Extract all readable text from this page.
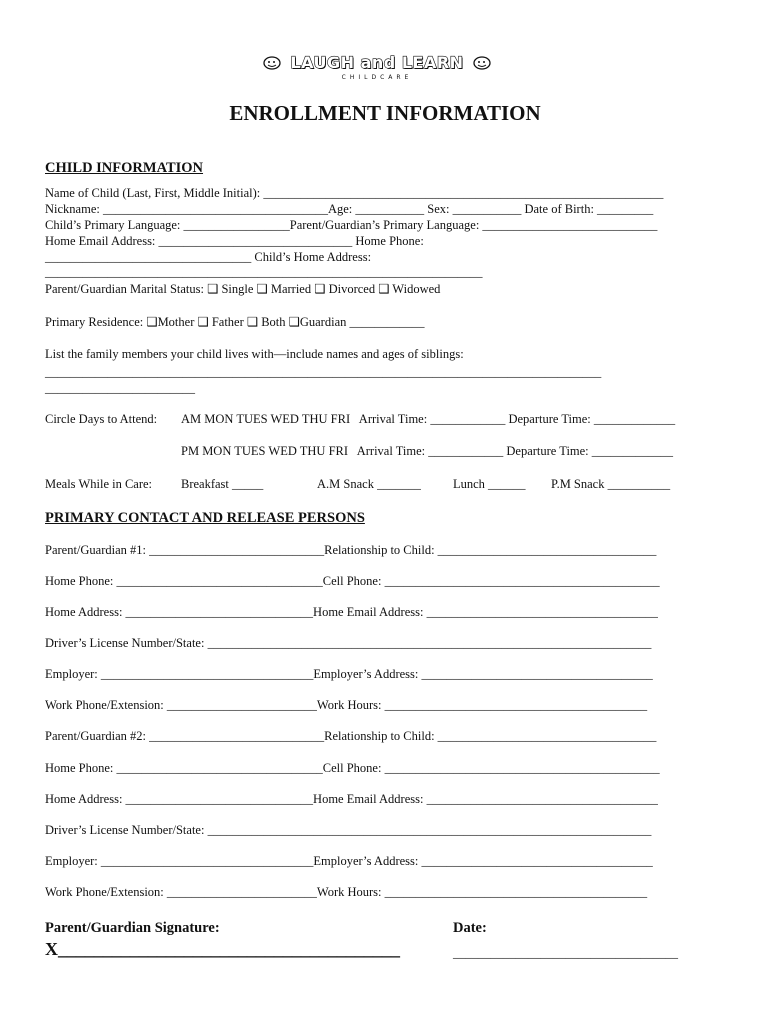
LAUGH and LEARN
CHILDCARE
ENROLLMENT INFORMATION
CHILD INFORMATION
Name of Child (Last, First, Middle Initial): ________________________________________________________________
Nickname: ____________________________________Age: ___________ Sex: ___________ Date of Birth: _________
Child’s Primary Language: _________________Parent/Guardian’s Primary Language: ____________________________
Home Email Address: _______________________________ Home Phone:
_________________________________ Child’s Home Address:
______________________________________________________________________
Parent/Guardian Marital Status: ❑ Single ❑ Married ❑ Divorced ❑ Widowed
Primary Residence: ❑Mother ❑ Father ❑ Both ❑Guardian ____________
List the family members your child lives with—include names and ages of siblings:
_________________________________________________________________________________________
________________________
Circle Days to Attend: AM MON TUES WED THU FRI   Arrival Time: ____________ Departure Time: _____________
PM MON TUES WED THU FRI   Arrival Time: ____________ Departure Time: _____________
Meals While in Care: Breakfast _____	A.M Snack _______	Lunch ______ P.M Snack __________
PRIMARY CONTACT AND RELEASE PERSONS
Parent/Guardian #1: ____________________________Relationship to Child: ___________________________________
Home Phone: _________________________________Cell Phone: ____________________________________________
Home Address: ______________________________Home Email Address: _____________________________________
Driver’s License Number/State: _______________________________________________________________________
Employer: __________________________________Employer’s Address: _____________________________________
Work Phone/Extension: ________________________Work Hours: __________________________________________
Parent/Guardian #2: ____________________________Relationship to Child: ___________________________________
Home Phone: _________________________________Cell Phone: ____________________________________________
Home Address: ______________________________Home Email Address: _____________________________________
Driver’s License Number/State: _______________________________________________________________________
Employer: __________________________________Employer’s Address: _____________________________________
Work Phone/Extension: ________________________Work Hours: __________________________________________
Parent/Guardian Signature:
X______________________________________
Date:
____________________________________
